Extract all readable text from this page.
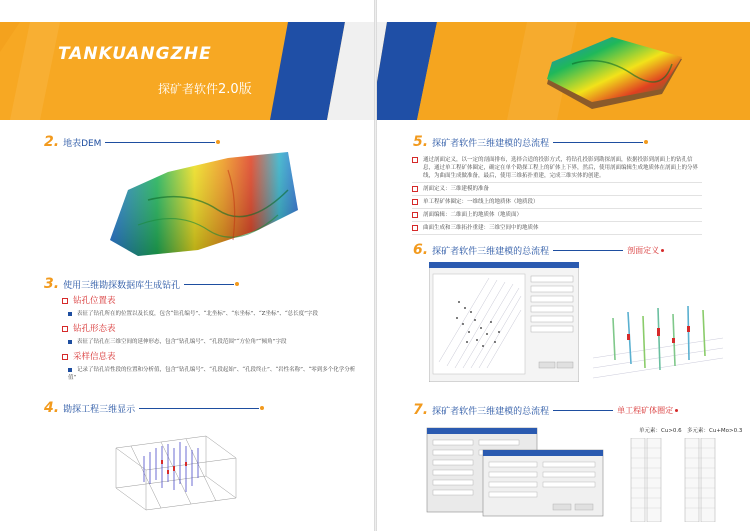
TANKUANGZHE
探矿者软件2.0版
2. 地表DEM
3. 使用三维勘探数据库生成钻孔
钻孔位置表
表征了钻孔所在的位置以及长度，包含“钻孔编号”、“北坐标”、“东坐标”、“Z坐标”、“总长度”字段
钻孔形态表
表征了钻孔在三维空间的延伸形态，包含“钻孔编号”、“孔段范围”“方位角”“倾角”字段
采样信息表
记录了钻孔岩性段的位置和分析值，包含“钻孔编号”、“孔段起始”、“孔段终止”、“岩性名称”、“零到多个化学分析值”
4. 勘探工程三维显示
5. 探矿者软件三维建模的总流程
通过剖面定义，以一定的剖面排布，选择合适的投影方式，将钻孔投影到勘探剖面，依据投影到剖面上的钻孔信息，通过单工程矿体圈定，确定在单个勘探工程上的矿体上下界，然后，使用剖面编辑生成地质体在剖面上的分界线，为曲面生成做准备，最后，使用三维拓扑重建，完成三维实体的创建。
剖面定义：三维建模的准备
单工程矿体圈定：一维线上的地质体（地质段）
剖面编辑：二维面上的地质体（地质面）
曲面生成和三维拓扑重建：三维空间中的地质体
6. 探矿者软件三维建模的总流程	剖面定义
7. 探矿者软件三维建模的总流程	单工程矿体圈定
单元素：Cu>0.6 多元素：Cu+Mo>0.3
